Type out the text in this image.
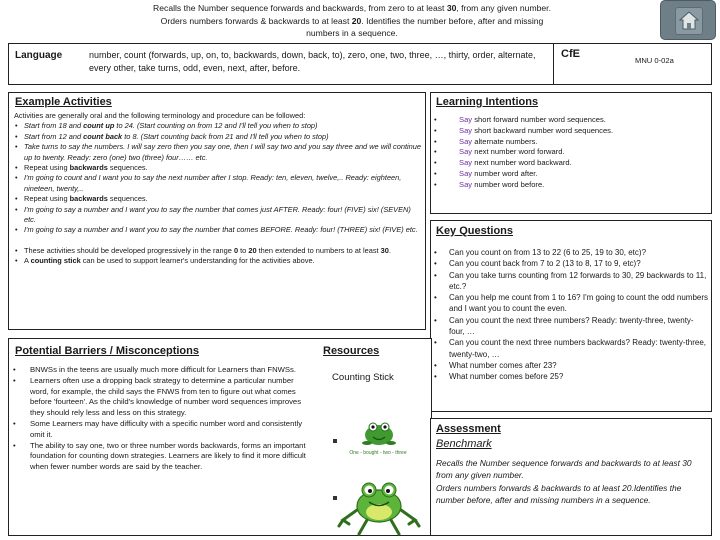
Recalls the Number sequence forwards and backwards, from zero to at least 30, from any given number.
Orders numbers forwards & backwards to at least 20. Identifies the number before, after and missing
numbers in a sequence.
Language	number, count (forwards, up, on, to, backwards, down, back, to), zero, one, two, three, …, thirty, order, alternate, every other, take turns, odd, even, next, after, before.
CfE
MNU 0-02a
Example Activities
Activities are generally oral and the following terminology and procedure can be followed:
• Start from 18 and count up to 24. (Start counting on from 12 and I'll tell you when to stop)
• Start from 12 and count back to 8. (Start counting back from 21 and I'll tell you when to stop)
• Take turns to say the numbers. I will say zero then you say one, then I will say two and you say three and we will continue up to twenty. Ready: zero (one) two (three) four…… etc.
• Repeat using backwards sequences.
• I'm going to count and I want you to say the next number after I stop. Ready: ten, eleven, twelve,.. Ready: eighteen, nineteen, twenty,..
• Repeat using backwards sequences.
• I'm going to say a number and I want you to say the number that comes just AFTER. Ready: four! (FIVE) six! (SEVEN) etc.
• I'm going to say a number and I want you to say the number that comes BEFORE. Ready: four! (THREE) six! (FIVE) etc.
• These activities should be developed progressively in the range 0 to 20 then extended to numbers to at least 30.
• A counting stick can be used to support learner's understanding for the activities above.
Learning Intentions
• Say short forward number word sequences.
• Say short backward number word sequences.
• Say alternate numbers.
• Say next number word forward.
• Say next number word backward.
• Say number word after.
• Say number word before.
Key Questions
• Can you count on from 13 to 22 (6 to 25, 19 to 30, etc)?
• Can you count back from 7 to 2 (13 to 8, 17 to 9, etc)?
• Can you take turns counting from 12 forwards to 30, 29 backwards to 11, etc.?
• Can you help me count from 1 to 16? I'm going to count the odd numbers and I want you to count the even.
• Can you count the next three numbers? Ready: twenty-three, twenty-four, …
• Can you count the next three numbers backwards? Ready: twenty-three, twenty-two, …
• What number comes after 23?
• What number comes before 25?
Potential Barriers / Misconceptions
• BNWSs in the teens are usually much more difficult for Learners than FNWSs.
• Learners often use a dropping back strategy to determine a particular number word, for example, the child says the FNWS from ten to figure out what comes before 'fourteen'. As the child's knowledge of number word sequences improves they should rely less and less on this strategy.
• Some Learners may have difficulty with a specific number word and consistently omit it.
• The ability to say one, two or three number words backwards, forms an important foundation for counting down strategies. Learners are likely to find it more difficult when fewer number words are said by the teacher.
Resources
Counting Stick
One - bought - two - three
Assessment
Benchmark
Recalls the Number sequence forwards and backwards to at least 30 from any given number.
Orders numbers forwards & backwards to at least 20.Identifies the number before, after and missing numbers in a sequence.
